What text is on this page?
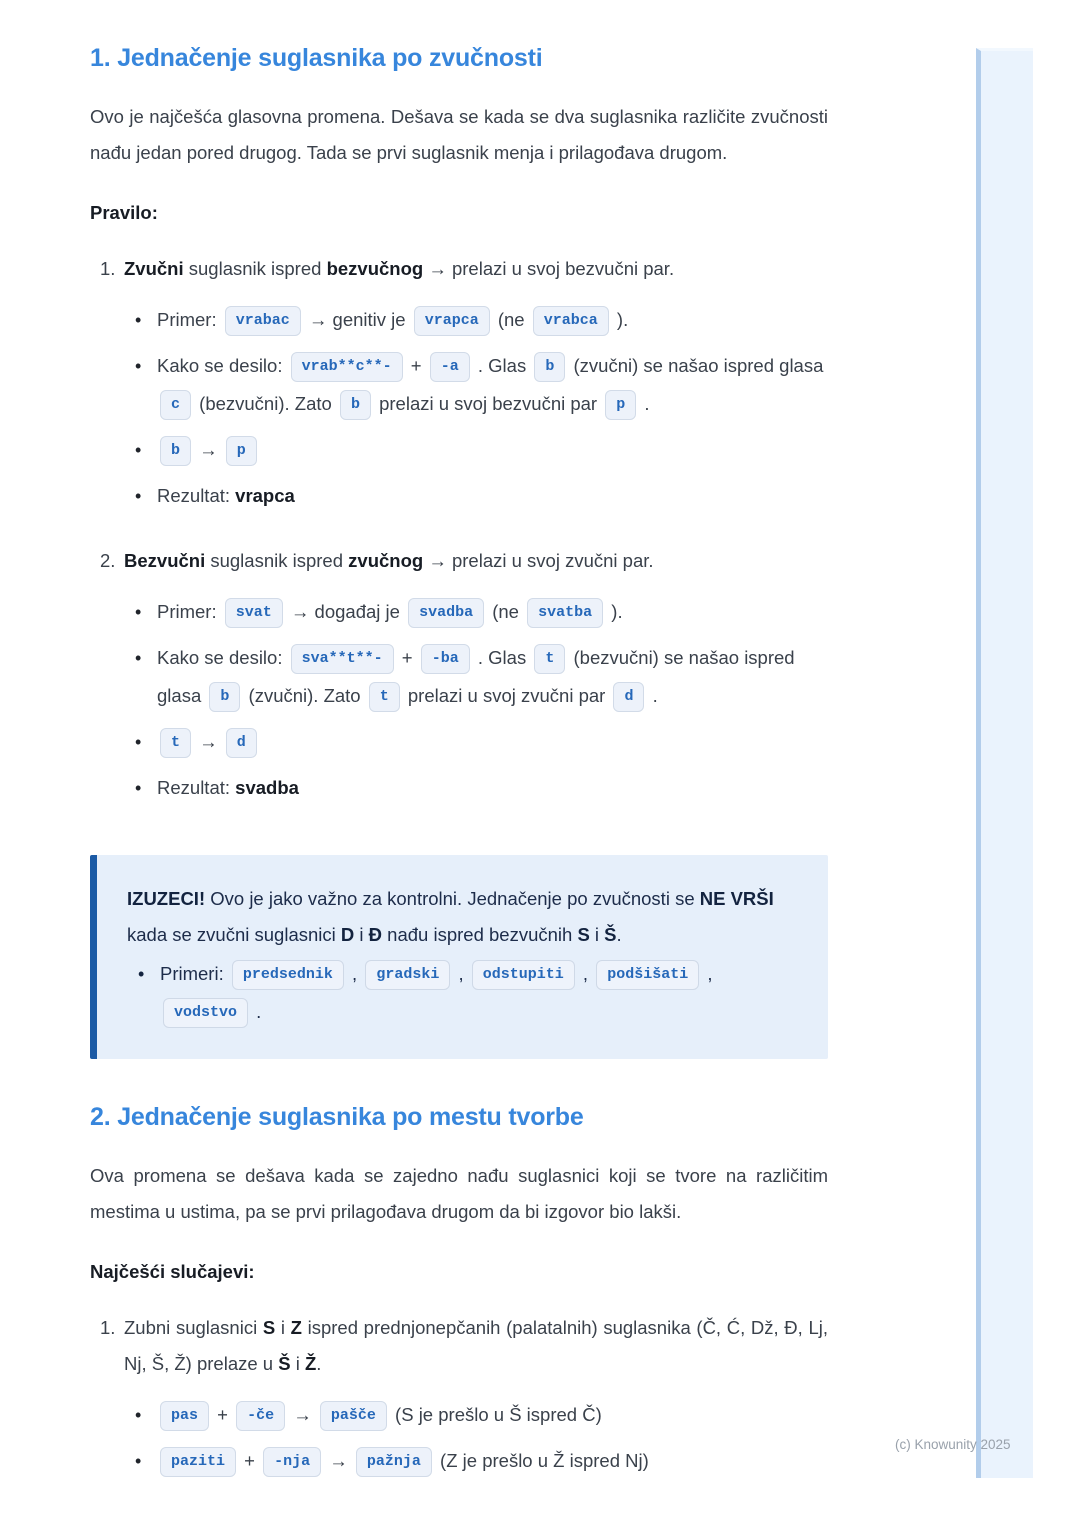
1. Jednačenje suglasnika po zvučnosti

Ovo je najčešća glasovna promena. Dešava se kada se dva suglasnika različite zvučnosti nađu jedan pored drugog. Tada se prvi suglasnik menja i prilagođava drugom.

Pravilo:

1. Zvučni suglasnik ispred bezvučnog → prelazi u svoj bezvučni par.
• Primer: vrabac → genitiv je vrapca (ne vrabca ).
• Kako se desilo: vrab**c**- + -a . Glas b (zvučni) se našao ispred glasa c (bezvučni). Zato b prelazi u svoj bezvučni par p .
• b → p
• Rezultat: vrapca
2. Bezvučni suglasnik ispred zvučnog → prelazi u svoj zvučni par.
• Primer: svat → događaj je svadba (ne svatba ).
• Kako se desilo: sva**t**- + -ba . Glas t (bezvučni) se našao ispred glasa b (zvučni). Zato t prelazi u svoj zvučni par d .
• t → d
• Rezultat: svadba

IZUZECI! Ovo je jako važno za kontrolni. Jednačenje po zvučnosti se NE VRŠI kada se zvučni suglasnici D i Đ nađu ispred bezvučnih S i Š.

• Primeri: predsednik , gradski , odstupiti , podšišati , vodstvo .
2. Jednačenje suglasnika po mestu tvorbe

Ova promena se dešava kada se zajedno nađu suglasnici koji se tvore na različitim mestima u ustima, pa se prvi prilagođava drugom da bi izgovor bio lakši.

Najčešći slučajevi:

1. Zubni suglasnici S i Z ispred prednjonepčanih (palatalnih) suglasnika (Č, Ć, Dž, Đ, Lj, Nj, Š, Ž) prelaze u Š i Ž.
• pas + -če → pašče (S je prešlo u Š ispred Č)
• paziti + -nja → pažnja (Z je prešlo u Ž ispred Nj)
(c) Knowunity 2025
